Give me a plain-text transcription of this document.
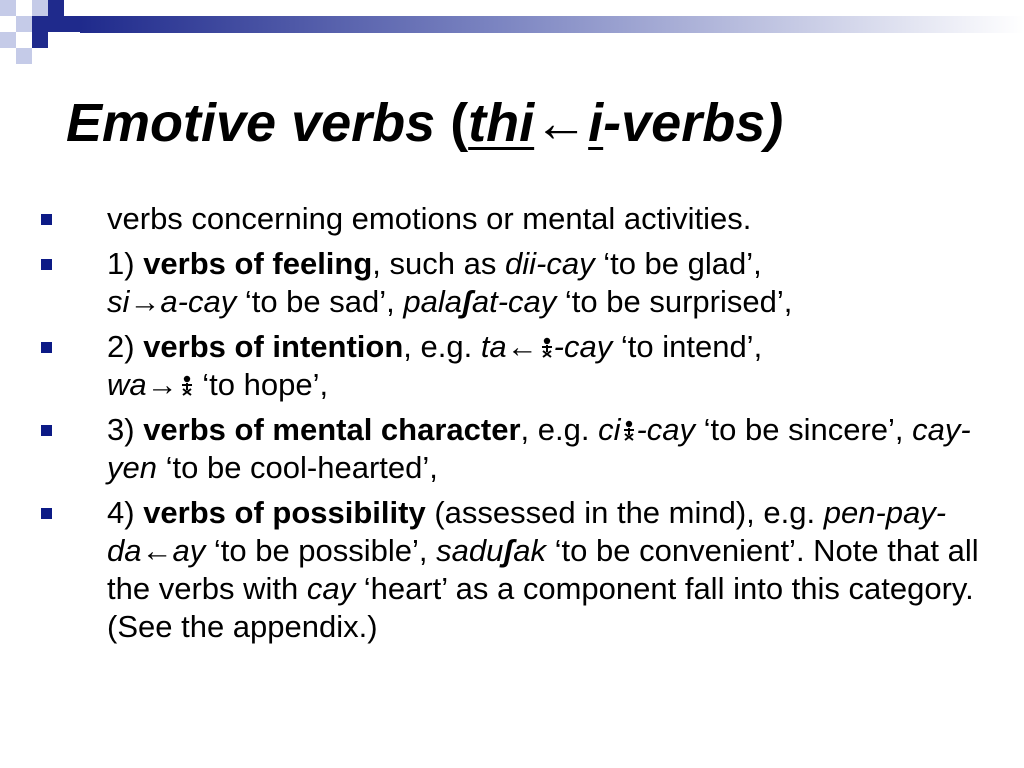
Emotive verbs (thi←i-verbs)
verbs concerning emotions or mental activities.
1) verbs of feeling, such as dii-cay ‘to be glad’,
si→a-cay ‘to be sad’, palaʃat-cay ‘to be surprised’,
2) verbs of intention, e.g. ta← -cay ‘to intend’,
wa→ ‘to hope’,
3) verbs of mental character, e.g. ci -cay ‘to be sincere’, cay-yen ‘to be cool-hearted’,
4) verbs of possibility (assessed in the mind), e.g. pen-pay-da←ay ‘to be possible’, saduʃak ‘to be convenient’. Note that all the verbs with cay ‘heart’ as a component fall into this category. (See the appendix.)
